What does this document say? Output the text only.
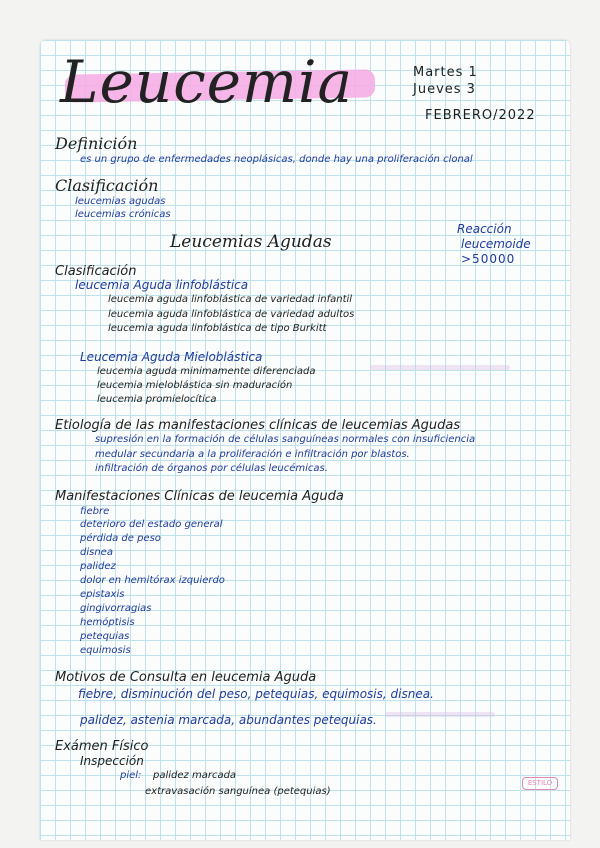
Leucemia	Martes 1

Jueves 3

FEBRERO/2022

Definición

es un grupo de enfermedades neoplásicas, donde hay una proliferación clonal

Clasificación

leucemias agudas

leucemias crónicas

Leucemias Agudas

Reacción

leucemoide

>50000

Clasificación

leucemia Aguda linfoblástica

leucemia aguda linfoblástica de variedad infantil

leucemia aguda linfoblástica de variedad adultos

leucemia aguda linfoblástica de tipo Burkitt

Leucemia Aguda Mieloblástica

leucemia aguda minimamente diferenciada

leucemia mieloblástica sin maduración

leucemia promielocítica

Etiología de las manifestaciones clínicas de leucemias Agudas

supresión en la formación de células sanguíneas normales con insuficiencia

medular secundaria a la proliferación e infiltración por blastos.

infiltración de órganos por células leucémicas.

Manifestaciones Clínicas de leucemia Aguda

fiebre

deterioro del estado general

pérdida de peso

disnea

palidez

dolor en hemitórax izquierdo

epistaxis

gingivorragias

hemóptisis

petequias

equimosis

Motivos de Consulta en leucemia Aguda

fiebre, disminución del peso, petequias, equimosis, disnea.

palidez, astenia marcada, abundantes petequias.

Exámen Físico

Inspección

piel: palidez marcada

extravasación sanguínea (petequias)

ESTILO
